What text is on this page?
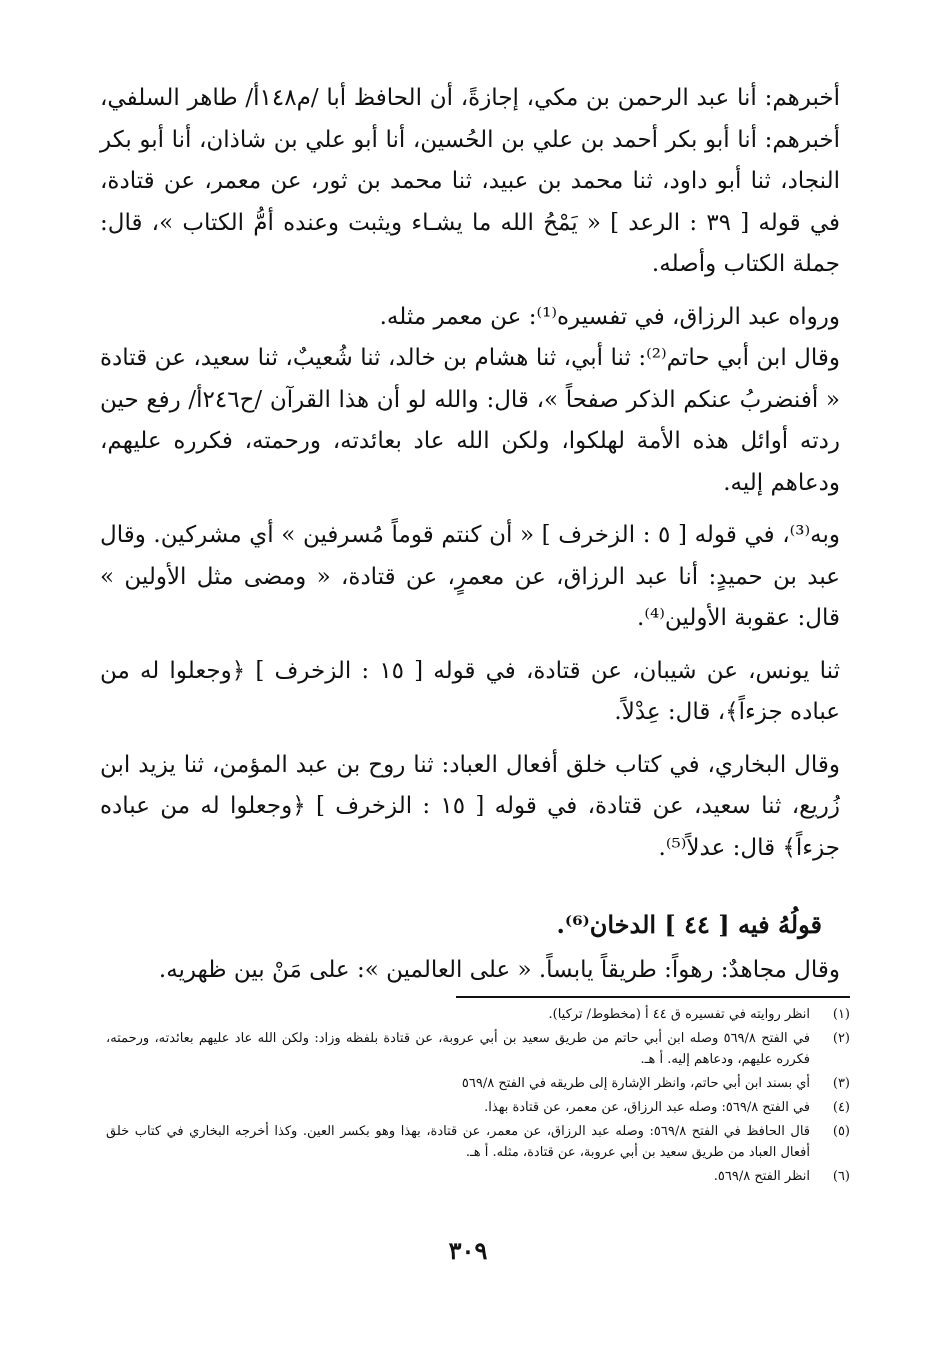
أخبرهم: أنا عبد الرحمن بن مكي، إجازةً، أن الحافظ أبا /م١٤٨أ/ طاهر السلفي، أخبرهم: أنا أبو بكر أحمد بن علي بن الحُسين، أنا أبو علي بن شاذان، أنا أبو بكر النجاد، ثنا أبو داود، ثنا محمد بن عبيد، ثنا محمد بن ثور، عن معمر، عن قتادة، في قوله [ ٣٩ : الرعد ] « يَمْحُ الله ما يشـاء ويثبت وعنده أمُّ الكتاب »، قال: جملة الكتاب وأصله.

ورواه عبد الرزاق، في تفسيره⁽¹⁾: عن معمر مثله.

وقال ابن أبي حاتم⁽²⁾: ثنا أبي، ثنا هشام بن خالد، ثنا شُعيبٌ، ثنا سعيد، عن قتادة « أفنضربُ عنكم الذكر صفحاً »، قال: والله لو أن هذا القرآن /ح٢٤٦أ/ رفع حين ردته أوائل هذه الأمة لهلكوا، ولكن الله عاد بعائدته، ورحمته، فكرره عليهم، ودعاهم إليه.

وبه⁽³⁾، في قوله [ ٥ : الزخرف ] « أن كنتم قوماً مُسرفين » أي مشركين. وقال عبد بن حميدٍ: أنا عبد الرزاق، عن معمرٍ، عن قتادة، « ومضى مثل الأولين » قال: عقوبة الأولين⁽⁴⁾.

ثنا يونس، عن شيبان، عن قتادة، في قوله [ ١٥ : الزخرف ] ﴿وجعلوا له من عباده جزءاً﴾، قال: عِدْلاً.

وقال البخاري، في كتاب خلق أفعال العباد: ثنا روح بن عبد المؤمن، ثنا يزيد ابن زُريع، ثنا سعيد، عن قتادة، في قوله [ ١٥ : الزخرف ] ﴿وجعلوا له من عباده جزءاً﴾ قال: عدلاً⁽⁵⁾.

قولُهُ فيه [ ٤٤ ] الدخان⁽⁶⁾.

وقال مجاهدٌ: رهواً: طريقاً يابساً. « على العالمين »: على مَنْ بين ظهريه.

(١)
انظر روايته في تفسيره ق ٤٤ أ (مخطوط/ تركيا).
(٢)
في الفتح ٥٦٩/٨ وصله ابن أبي حاتم من طريق سعيد بن أبي عروبة، عن قتادة بلفظه وزاد: ولكن الله عاد عليهم بعائدته، ورحمته، فكرره عليهم، ودعاهم إليه. أ هـ.
(٣)
أي بسند ابن أبي حاتم، وانظر الإشارة إلى طريقه في الفتح ٥٦٩/٨
(٤)
في الفتح ٥٦٩/٨: وصله عبد الرزاق، عن معمر، عن قتادة بهذا.
(٥)
قال الحافظ في الفتح ٥٦٩/٨: وصله عبد الرزاق، عن معمر، عن قتادة، بهذا وهو بكسر العين. وكذا أخرجه البخاري في كتاب خلق أفعال العباد من طريق سعيد بن أبي عروبة، عن قتادة، مثله. أ هـ.
(٦)
انظر الفتح ٥٦٩/٨.
٣٠٩
